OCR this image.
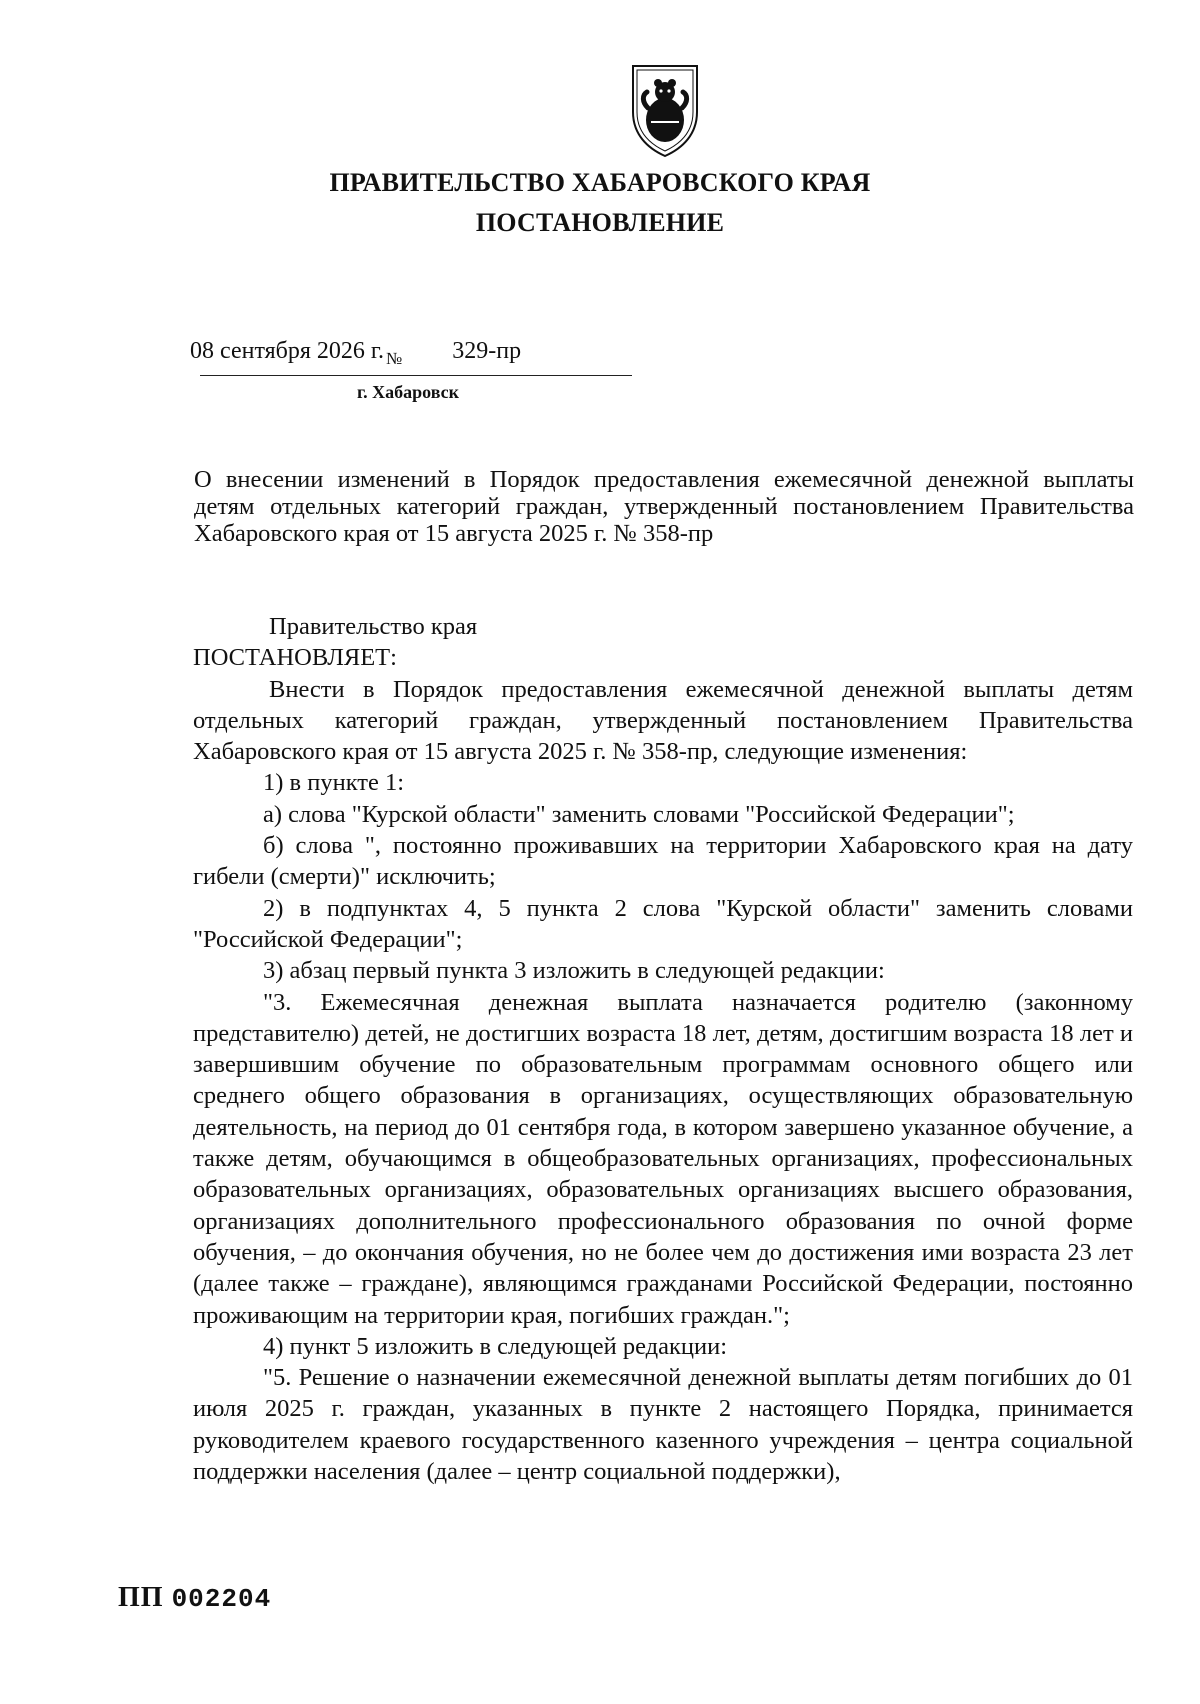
ПРАВИТЕЛЬСТВО ХАБАРОВСКОГО КРАЯ
ПОСТАНОВЛЕНИЕ
08 сентября 2026 г. $_№$ 329-пр
г. Хабаровск
О внесении изменений в Порядок предоставления ежемесячной денежной выплаты детям отдельных категорий граждан, утвержденный постановлением Правительства Хабаровского края от 15 августа 2025 г. № 358-пр

Правительство края

ПОСТАНОВЛЯЕТ:

Внести в Порядок предоставления ежемесячной денежной выплаты детям отдельных категорий граждан, утвержденный постановлением Правительства Хабаровского края от 15 августа 2025 г. № 358-пр, следующие изменения:

1) в пункте 1:

а) слова "Курской области" заменить словами "Российской Федерации";

б) слова ", постоянно проживавших на территории Хабаровского края на дату гибели (смерти)" исключить;

2) в подпунктах 4, 5 пункта 2 слова "Курской области" заменить словами "Российской Федерации";

3) абзац первый пункта 3 изложить в следующей редакции:

"3. Ежемесячная денежная выплата назначается родителю (законному представителю) детей, не достигших возраста 18 лет, детям, достигшим возраста 18 лет и завершившим обучение по образовательным программам основного общего или среднего общего образования в организациях, осуществляющих образовательную деятельность, на период до 01 сентября года, в котором завершено указанное обучение, а также детям, обучающимся в общеобразовательных организациях, профессиональных образовательных организациях, образовательных организациях высшего образования, организациях дополнительного профессионального образования по очной форме обучения, – до окончания обучения, но не более чем до достижения ими возраста 23 лет (далее также – граждане), являющимся гражданами Российской Федерации, постоянно проживающим на территории края, погибших граждан.";

4) пункт 5 изложить в следующей редакции:

"5. Решение о назначении ежемесячной денежной выплаты детям погибших до 01 июля 2025 г. граждан, указанных в пункте 2 настоящего Порядка, принимается руководителем краевого государственного казенного учреждения – центра социальной поддержки населения (далее – центр социальной поддержки),

ПП 002204
